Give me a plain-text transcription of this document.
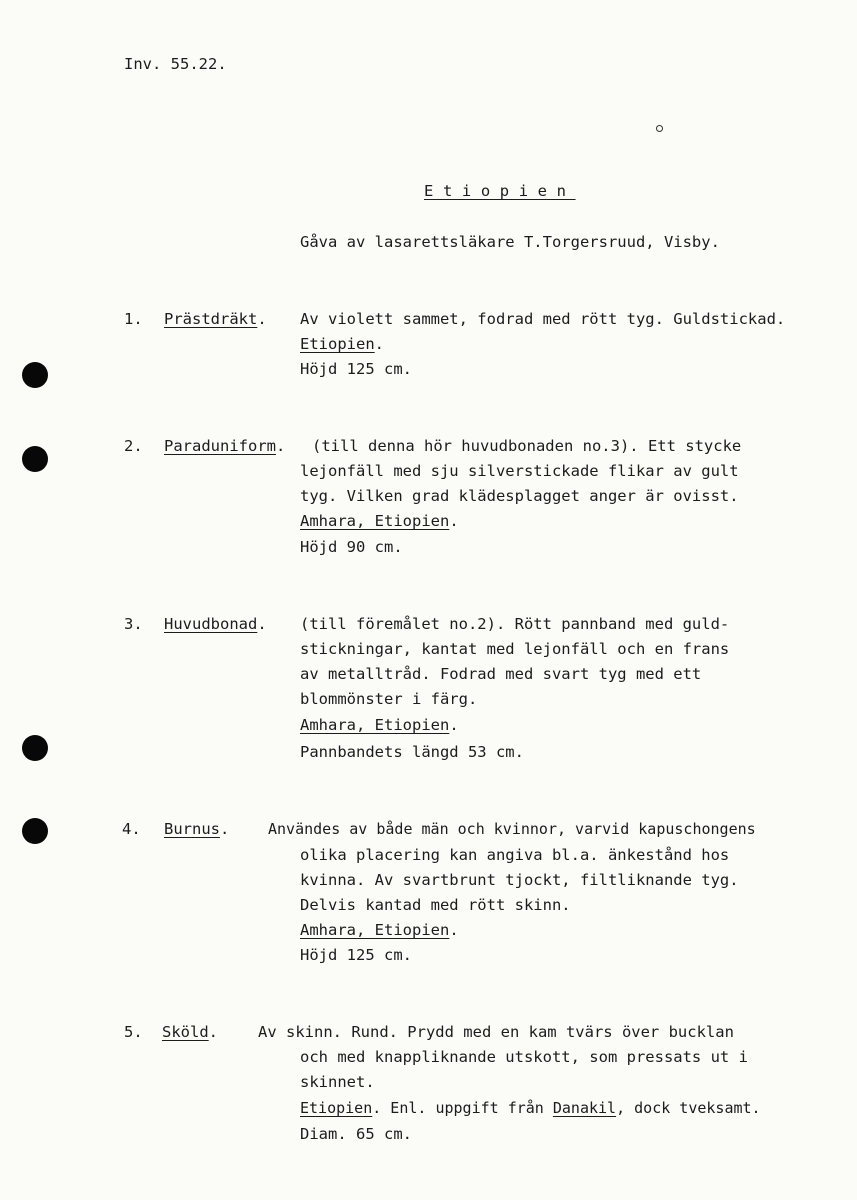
Inv. 55.22.
Etiopien
Gåva av lasarettsläkare T.Torgersruud, Visby.
1. Prästdräkt. Av violett sammet, fodrad med rött tyg. Guldstickad.
Etiopien.
Höjd 125 cm.
2. Paraduniform. (till denna hör huvudbonaden no.3). Ett stycke
lejonfäll med sju silverstickade flikar av gult
tyg. Vilken grad klädesplagget anger är ovisst.
Amhara, Etiopien.
Höjd 90 cm.
3. Huvudbonad. (till föremålet no.2). Rött pannband med guld-
stickningar, kantat med lejonfäll och en frans
av metalltråd. Fodrad med svart tyg med ett
blommönster i färg.
Amhara, Etiopien.
Pannbandets längd 53 cm.
4. Burnus.	Användes av både män och kvinnor, varvid kapuschongens
olika placering kan angiva bl.a. änkestånd hos
kvinna. Av svartbrunt tjockt, filtliknande tyg.
Delvis kantad med rött skinn.
Amhara, Etiopien.
Höjd 125 cm.
5. Sköld.	Av skinn. Rund. Prydd med en kam tvärs över bucklan
och med knappliknande utskott, som pressats ut i
skinnet.
Etiopien. Enl. uppgift från Danakil, dock tveksamt.
Diam. 65 cm.
